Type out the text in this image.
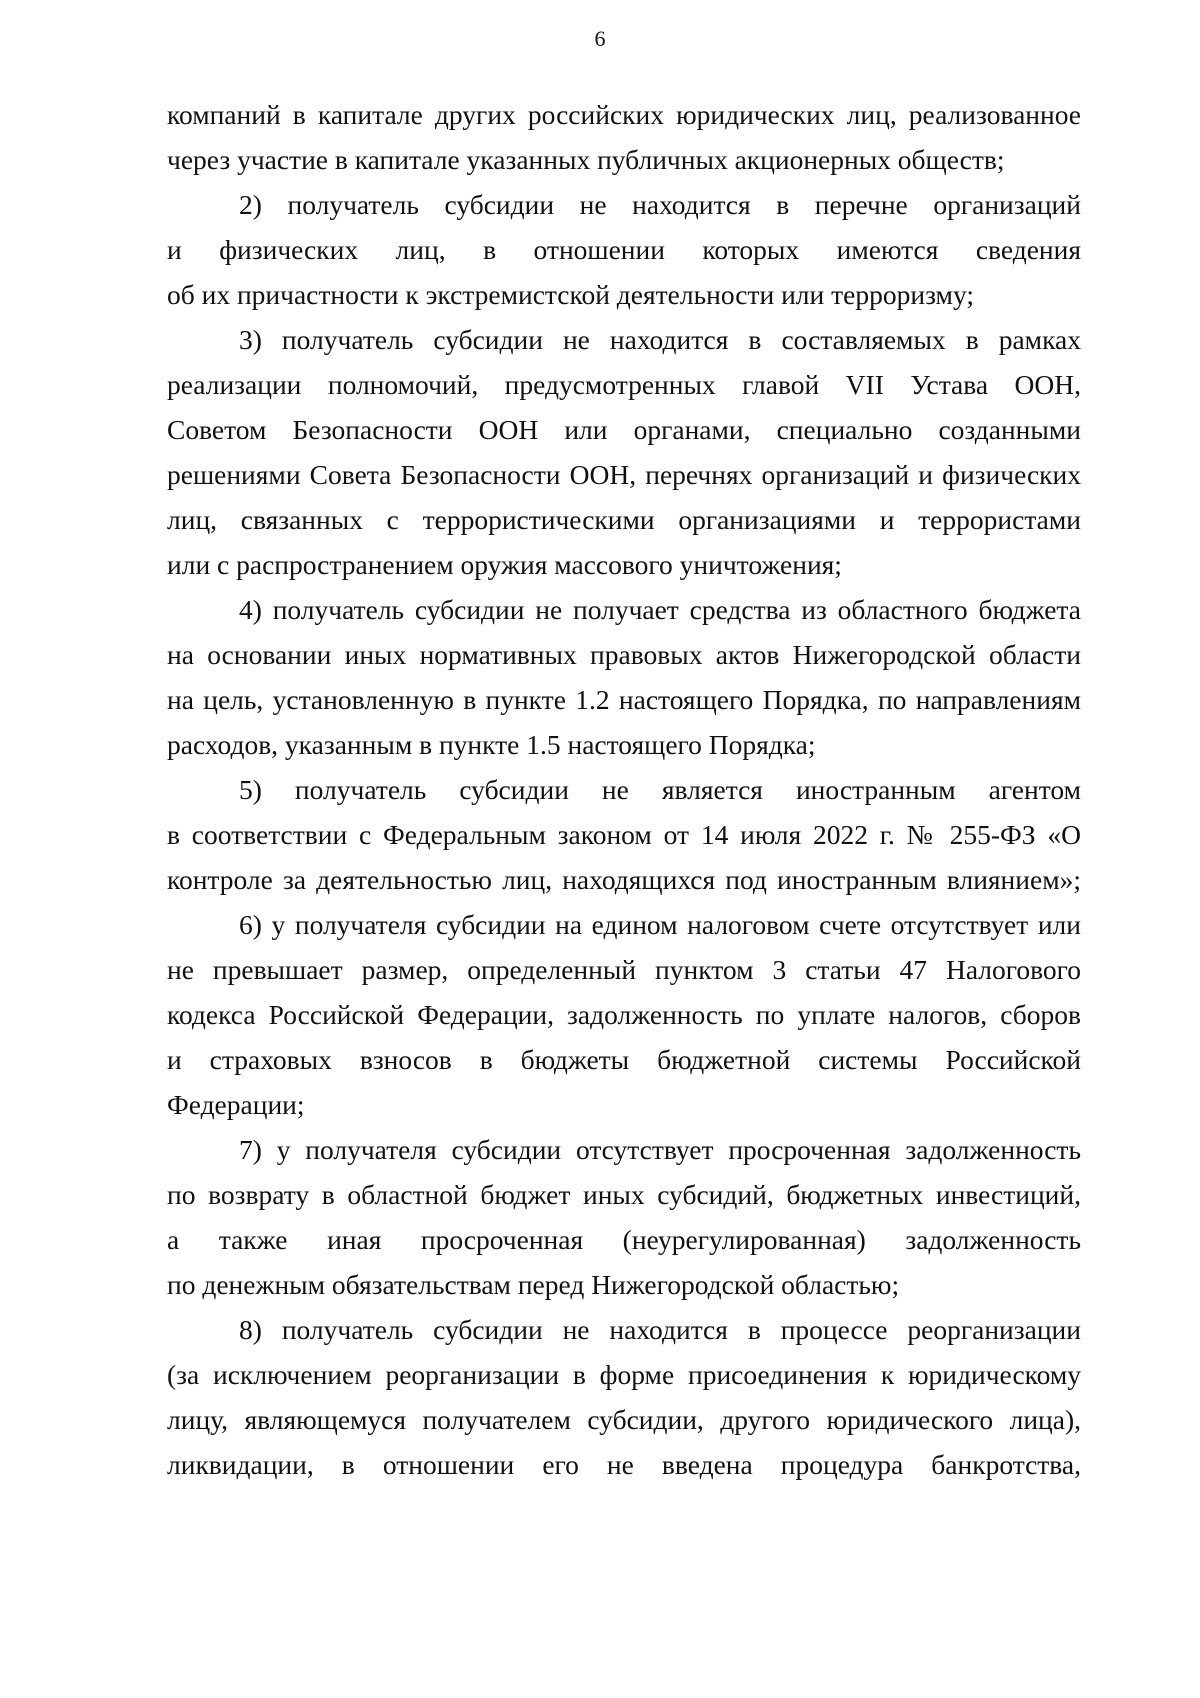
6
компаний в капитале других российских юридических лиц, реализованное
через участие в капитале указанных публичных акционерных обществ;
2) получатель субсидии не находится в перечне организаций
и физических лиц, в отношении которых имеются сведения
об их причастности к экстремистской деятельности или терроризму;
3) получатель субсидии не находится в составляемых в рамках
реализации полномочий, предусмотренных главой VII Устава ООН,
Советом Безопасности ООН или органами, специально созданными
решениями Совета Безопасности ООН, перечнях организаций и физических
лиц, связанных с террористическими организациями и террористами
или с распространением оружия массового уничтожения;
4) получатель субсидии не получает средства из областного бюджета
на основании иных нормативных правовых актов Нижегородской области
на цель, установленную в пункте 1.2 настоящего Порядка, по направлениям
расходов, указанным в пункте 1.5 настоящего Порядка;
5) получатель субсидии не является иностранным агентом
в соответствии с Федеральным законом от 14 июля 2022 г. № 255-ФЗ «О
контроле за деятельностью лиц, находящихся под иностранным влиянием»;
6) у получателя субсидии на едином налоговом счете отсутствует или
не превышает размер, определенный пунктом 3 статьи 47 Налогового
кодекса Российской Федерации, задолженность по уплате налогов, сборов
и страховых взносов в бюджеты бюджетной системы Российской
Федерации;
7) у получателя субсидии отсутствует просроченная задолженность
по возврату в областной бюджет иных субсидий, бюджетных инвестиций,
а также иная просроченная (неурегулированная) задолженность
по денежным обязательствам перед Нижегородской областью;
8) получатель субсидии не находится в процессе реорганизации
(за исключением реорганизации в форме присоединения к юридическому
лицу, являющемуся получателем субсидии, другого юридического лица),
ликвидации, в отношении его не введена процедура банкротства,
